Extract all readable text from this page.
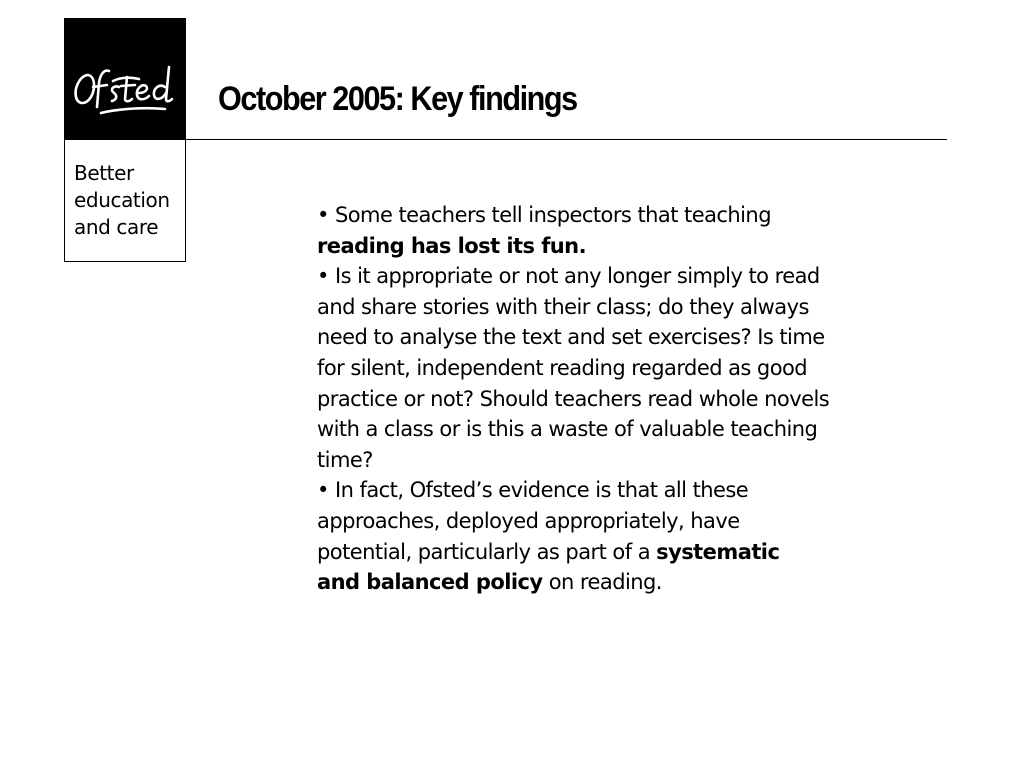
Better
education
and care
October 2005: Key findings
• Some teachers tell inspectors that teaching
reading has lost its fun.
• Is it appropriate or not any longer simply to read
and share stories with their class; do they always
need to analyse the text and set exercises? Is time
for silent, independent reading regarded as good
practice or not? Should teachers read whole novels
with a class or is this a waste of valuable teaching
time?
• In fact, Ofsted’s evidence is that all these
approaches, deployed appropriately, have
potential, particularly as part of a systematic
and balanced policy on reading.
